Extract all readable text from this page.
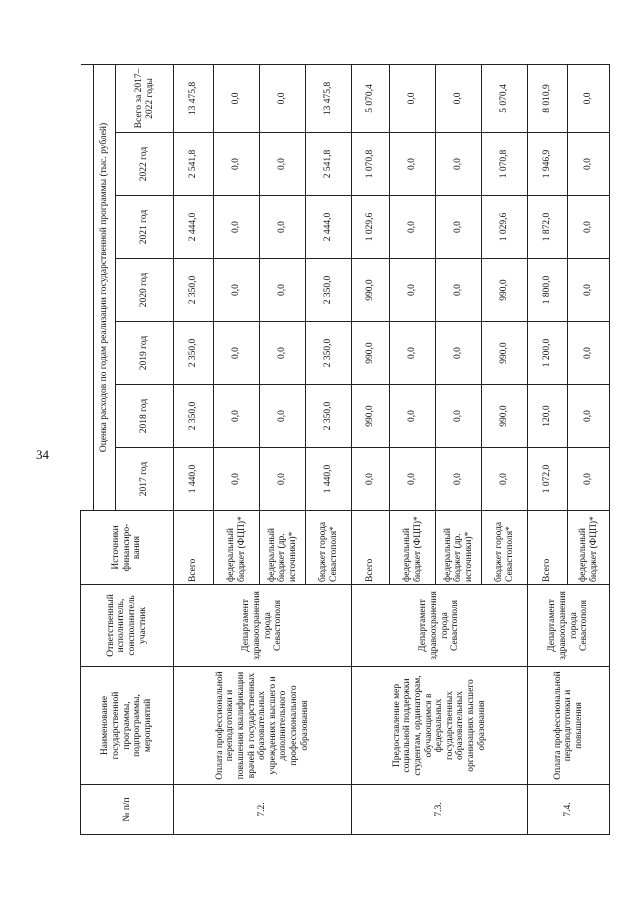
34
№ п/п	Наименование государственной программы, подпрограммы, мероприятий	Ответственный исполнитель, соисполнитель участник	Источники финансиро-вания							
				Оценка расходов по годам реализации государственной программы (тыс. рублей)						
				2017 год	2018 год	2019 год	2020 год	2021 год	2022 год	Всего за 2017–2022 годы
7.2.	Оплата профессиональной переподготовки и повышения квалификации врачей в государственных образовательных учреждениях высшего и дополнительного профессионального образования	Департамент здравоохранения города Севастополя	Всего	1 440,0	2 350,0	2 350,0	2 350,0	2 444,0	2 541,8	13 475,8
			федеральный бюджет (ФЦП)*	0,0	0,0	0,0	0,0	0,0	0,0	0,0
			федеральный бюджет (др. источники)*	0,0	0,0	0,0	0,0	0,0	0,0	0,0
			бюджет города Севастополя*	1 440,0	2 350,0	2 350,0	2 350,0	2 444,0	2 541,8	13 475,8
7.3.	Предоставление мер социальной поддержки студентам, ординаторам, обучающимся в федеральных государственных образовательных организациях высшего образования	Департамент здравоохранения города Севастополя	Всего	0,0	990,0	990,0	990,0	1 029,6	1 070,8	5 070,4
			федеральный бюджет (ФЦП)*	0,0	0,0	0,0	0,0	0,0	0,0	0,0
			федеральный бюджет (др. источники)*	0,0	0,0	0,0	0,0	0,0	0,0	0,0
			бюджет города Севастополя*	0,0	990,0	990,0	990,0	1 029,6	1 070,8	5 070,4
7.4.	Оплата профессиональной переподготовки и повышения	Департамент здравоохранения города Севастополя	Всего	1 072,0	120,0	1 200,0	1 800,0	1 872,0	1 946,9	8 010,9
			федеральный бюджет (ФЦП)*	0,0	0,0	0,0	0,0	0,0	0,0	0,0
